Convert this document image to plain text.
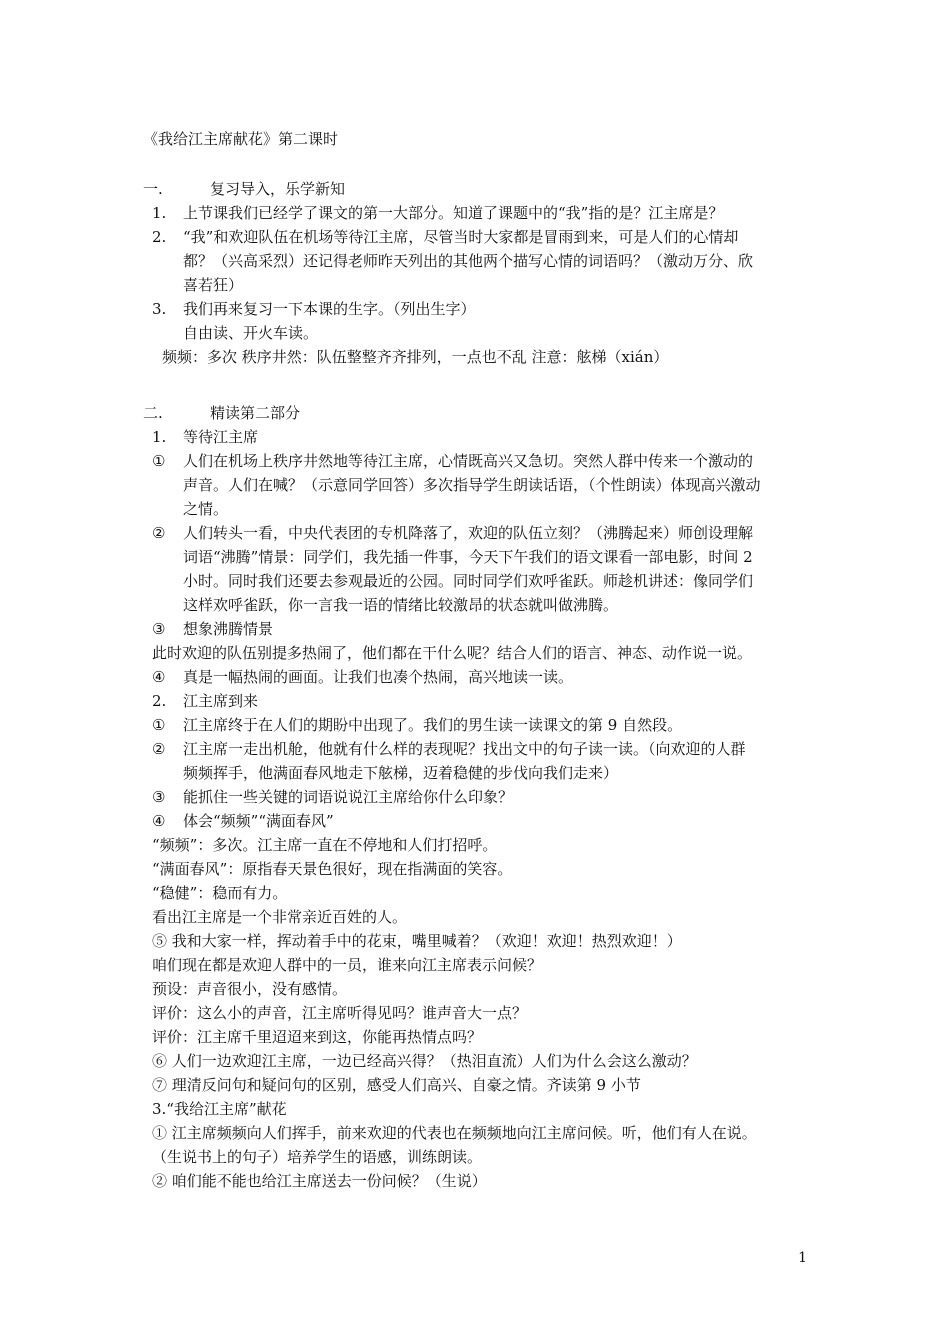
《我给江主席献花》第二课时
一.	复习导入，乐学新知
1. 上节课我们已经学了课文的第一大部分。知道了课题中的“我”指的是？江主席是？
2. “我”和欢迎队伍在机场等待江主席，尽管当时大家都是冒雨到来，可是人们的心情却
都？（兴高采烈）还记得老师昨天列出的其他两个描写心情的词语吗？（激动万分、欣
喜若狂）
3. 我们再来复习一下本课的生字。（列出生字）
自由读、开火车读。
频频：多次 秩序井然：队伍整整齐齐排列，一点也不乱 注意：舷梯（xián）
二.	精读第二部分
1. 等待江主席
① 人们在机场上秩序井然地等待江主席，心情既高兴又急切。突然人群中传来一个激动的
声音。人们在喊？（示意同学回答）多次指导学生朗读话语，（个性朗读）体现高兴激动
之情。
② 人们转头一看，中央代表团的专机降落了，欢迎的队伍立刻？（沸腾起来）师创设理解
词语“沸腾”情景：同学们，我先插一件事，今天下午我们的语文课看一部电影，时间 2
小时。同时我们还要去参观最近的公园。同时同学们欢呼雀跃。师趁机讲述：像同学们
这样欢呼雀跃，你一言我一语的情绪比较激昂的状态就叫做沸腾。
③ 想象沸腾情景
此时欢迎的队伍别提多热闹了，他们都在干什么呢？结合人们的语言、神态、动作说一说。
④ 真是一幅热闹的画面。让我们也凑个热闹，高兴地读一读。
2. 江主席到来
① 江主席终于在人们的期盼中出现了。我们的男生读一读课文的第 9 自然段。
② 江主席一走出机舱，他就有什么样的表现呢？找出文中的句子读一读。（向欢迎的人群
频频挥手，他满面春风地走下舷梯，迈着稳健的步伐向我们走来）
③ 能抓住一些关键的词语说说江主席给你什么印象？
④ 体会“频频”“满面春风”
“频频”：多次。江主席一直在不停地和人们打招呼。
“满面春风”：原指春天景色很好，现在指满面的笑容。
“稳健”：稳而有力。
看出江主席是一个非常亲近百姓的人。
⑤ 我和大家一样，挥动着手中的花束，嘴里喊着？（欢迎！欢迎！热烈欢迎！）
咱们现在都是欢迎人群中的一员，谁来向江主席表示问候？
预设：声音很小，没有感情。
评价：这么小的声音，江主席听得见吗？谁声音大一点？
评价：江主席千里迢迢来到这，你能再热情点吗？
⑥ 人们一边欢迎江主席，一边已经高兴得？（热泪直流）人们为什么会这么激动？
⑦ 理清反问句和疑问句的区别，感受人们高兴、自豪之情。齐读第 9 小节
3.“我给江主席”献花
① 江主席频频向人们挥手，前来欢迎的代表也在频频地向江主席问候。听，他们有人在说。
（生说书上的句子）培养学生的语感，训练朗读。
② 咱们能不能也给江主席送去一份问候？（生说）
1
